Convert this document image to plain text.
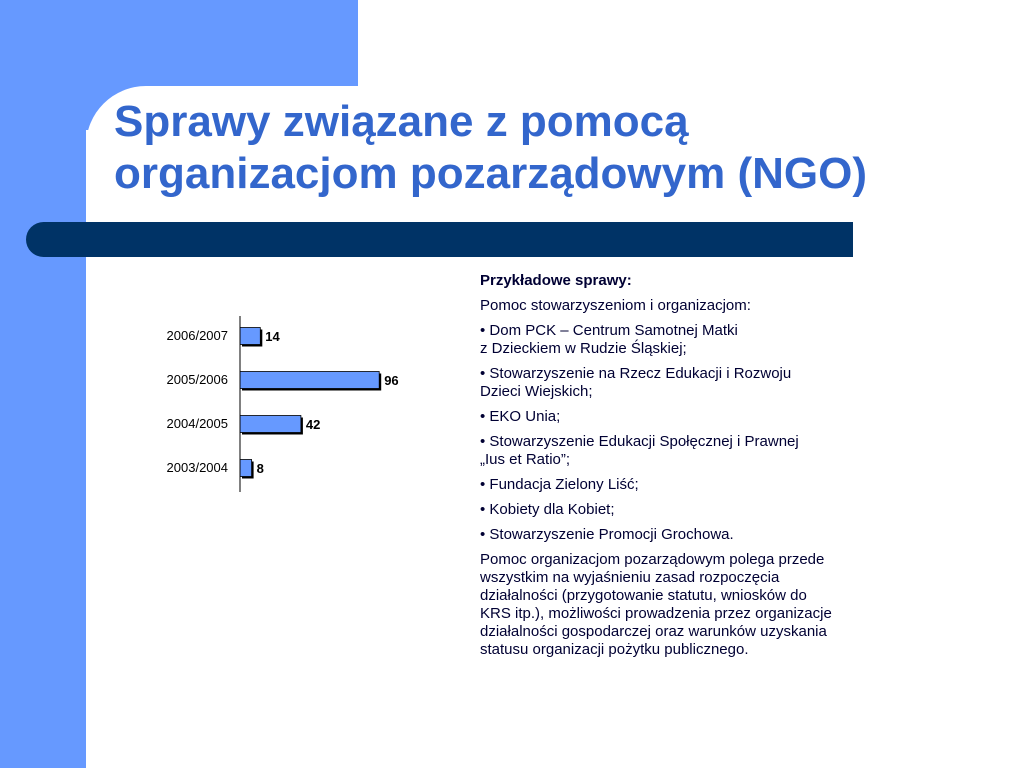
Sprawy związane z pomocą
organizacjom pozarządowym (NGO)
2006/2007	14
2005/2006	96
2004/2005	42
2003/2004 8

Przykładowe sprawy:

Pomoc stowarzyszeniom i organizacjom:

• Dom PCK – Centrum Samotnej Matki
z Dzieckiem w Rudzie Śląskiej;

• Stowarzyszenie na Rzecz Edukacji i Rozwoju
Dzieci Wiejskich;

• EKO Unia;

• Stowarzyszenie Edukacji Społęcznej i Prawnej
„Ius et Ratio”;

• Fundacja Zielony Liść;

• Kobiety dla Kobiet;

• Stowarzyszenie Promocji Grochowa.

Pomoc organizacjom pozarządowym polega przede
wszystkim na wyjaśnieniu zasad rozpoczęcia
działalności (przygotowanie statutu, wniosków do
KRS itp.), możliwości prowadzenia przez organizacje
działalności gospodarczej oraz warunków uzyskania
statusu organizacji pożytku publicznego.
